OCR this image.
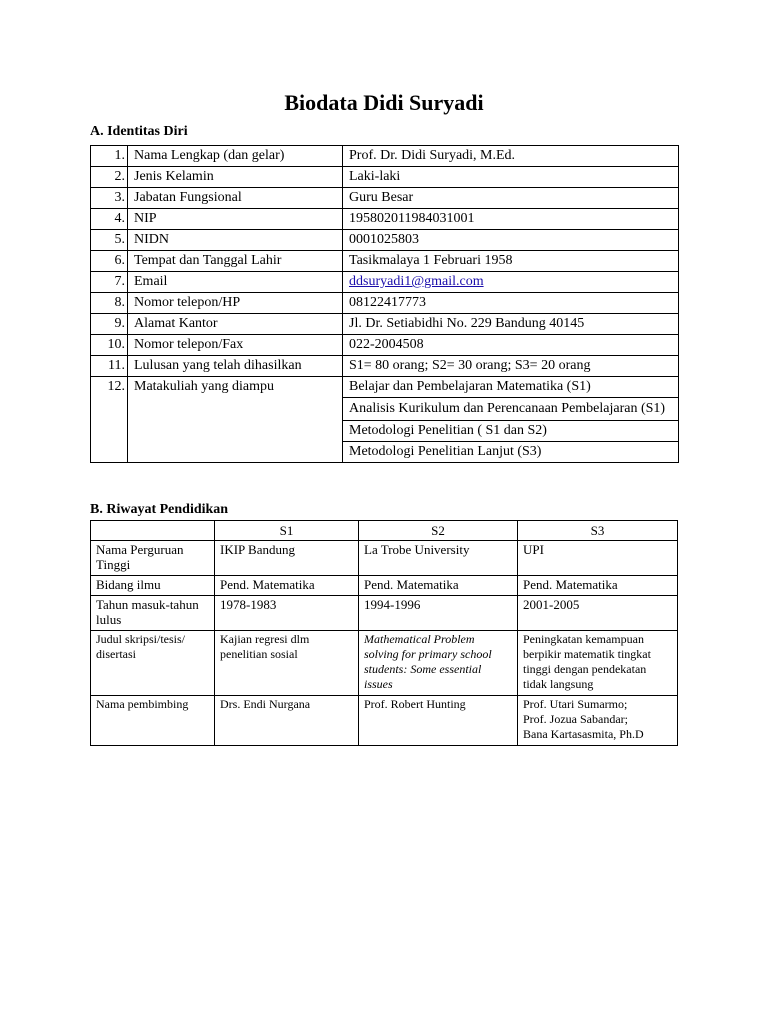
Biodata Didi Suryadi
A. Identitas Diri
1.	Nama Lengkap (dan gelar)	Prof. Dr. Didi Suryadi, M.Ed.
2.	Jenis Kelamin	Laki-laki
3.	Jabatan Fungsional	Guru Besar
4.	NIP	195802011984031001
5.	NIDN	0001025803
6.	Tempat dan Tanggal Lahir	Tasikmalaya 1 Februari 1958
7.	Email	ddsuryadi1@gmail.com
8.	Nomor telepon/HP	08122417773
9.	Alamat Kantor	Jl. Dr. Setiabidhi No. 229 Bandung 40145
10.	Nomor telepon/Fax	022-2004508
11.	Lulusan yang telah dihasilkan	S1= 80 orang; S2= 30 orang; S3= 20 orang
12.	Matakuliah yang diampu	Belajar dan Pembelajaran Matematika (S1)
		Analisis Kurikulum dan Perencanaan Pembelajaran (S1)
		Metodologi Penelitian ( S1 dan S2)
		Metodologi Penelitian Lanjut (S3)
B. Riwayat Pendidikan
	S1	S2	S3
Nama Perguruan Tinggi	IKIP Bandung	La Trobe University	UPI
Bidang ilmu	Pend. Matematika	Pend. Matematika	Pend. Matematika
Tahun masuk-tahun lulus	1978-1983	1994-1996	2001-2005
Judul skripsi/tesis/ disertasi	Kajian regresi dlm penelitian sosial	Mathematical Problem solving for primary school students: Some essential issues	Peningkatan kemampuan berpikir matematik tingkat tinggi dengan pendekatan tidak langsung
Nama pembimbing	Drs. Endi Nurgana	Prof. Robert Hunting	Prof. Utari Sumarmo;
Prof. Jozua Sabandar;
Bana Kartasasmita, Ph.D
